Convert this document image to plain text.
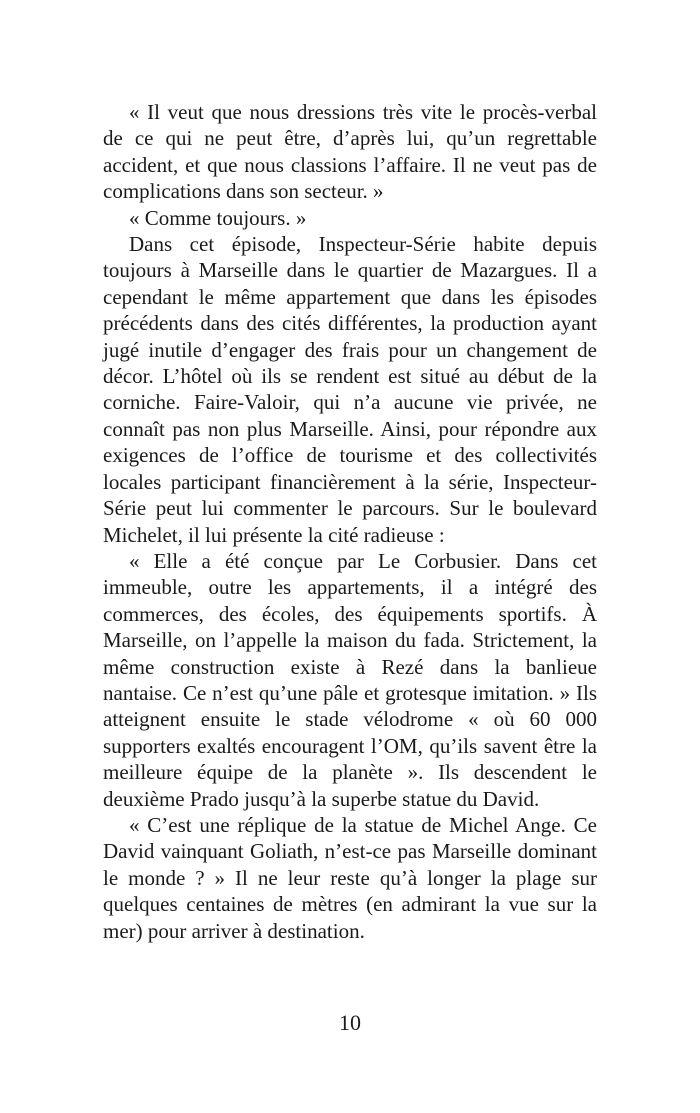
« Il veut que nous dressions très vite le procès-verbal de ce qui ne peut être, d’après lui, qu’un regrettable accident, et que nous classions l’affaire. Il ne veut pas de complications dans son secteur. »

« Comme toujours. »

Dans cet épisode, Inspecteur-Série habite depuis toujours à Marseille dans le quartier de Mazargues. Il a cependant le même appartement que dans les épisodes précédents dans des cités différentes, la production ayant jugé inutile d’engager des frais pour un changement de décor. L’hôtel où ils se rendent est situé au début de la corniche. Faire-Valoir, qui n’a aucune vie privée, ne connaît pas non plus Marseille. Ainsi, pour répondre aux exigences de l’office de tourisme et des collectivités locales participant financièrement à la série, Inspecteur-Série peut lui commenter le parcours. Sur le boulevard Michelet, il lui présente la cité radieuse :

« Elle a été conçue par Le Corbusier. Dans cet immeuble, outre les appartements, il a intégré des commerces, des écoles, des équipements sportifs. À Marseille, on l’appelle la maison du fada. Strictement, la même construction existe à Rezé dans la banlieue nantaise. Ce n’est qu’une pâle et grotesque imitation. » Ils atteignent ensuite le stade vélodrome « où 60 000 supporters exaltés encouragent l’OM, qu’ils savent être la meilleure équipe de la planète ». Ils descendent le deuxième Prado jusqu’à la superbe statue du David.

« C’est une réplique de la statue de Michel Ange. Ce David vainquant Goliath, n’est-ce pas Marseille dominant le monde ? » Il ne leur reste qu’à longer la plage sur quelques centaines de mètres (en admirant la vue sur la mer) pour arriver à destination.

10
